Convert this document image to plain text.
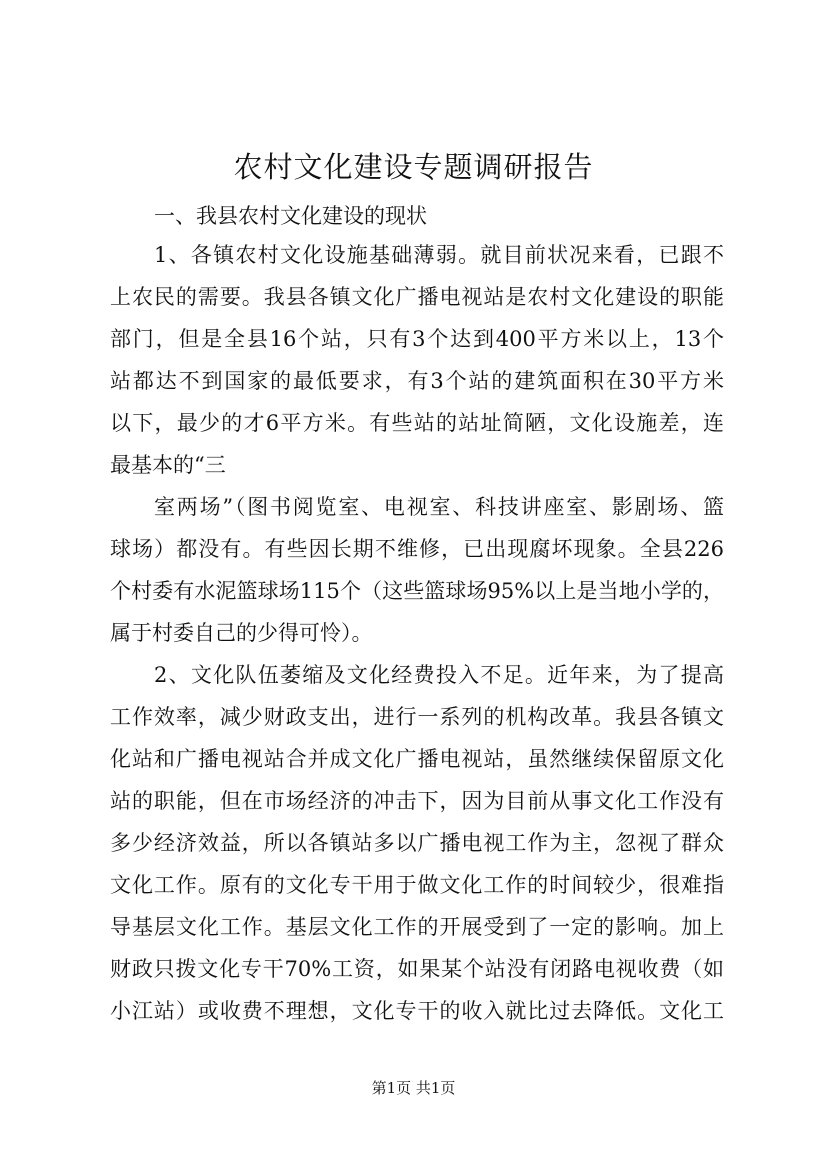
农村文化建设专题调研报告
一、我县农村文化建设的现状
1、各镇农村文化设施基础薄弱。就目前状况来看，已跟不
上农民的需要。我县各镇文化广播电视站是农村文化建设的职能
部门，但是全县16个站，只有3个达到400平方米以上，13个
站都达不到国家的最低要求，有3个站的建筑面积在30平方米
以下，最少的才6平方米。有些站的站址简陋，文化设施差，连
最基本的“三
室两场”（图书阅览室、电视室、科技讲座室、影剧场、篮
球场）都没有。有些因长期不维修，已出现腐坏现象。全县226
个村委有水泥篮球场115个（这些篮球场95%以上是当地小学的，
属于村委自己的少得可怜）。
2、文化队伍萎缩及文化经费投入不足。近年来，为了提高
工作效率，减少财政支出，进行一系列的机构改革。我县各镇文
化站和广播电视站合并成文化广播电视站，虽然继续保留原文化
站的职能，但在市场经济的冲击下，因为目前从事文化工作没有
多少经济效益，所以各镇站多以广播电视工作为主，忽视了群众
文化工作。原有的文化专干用于做文化工作的时间较少，很难指
导基层文化工作。基层文化工作的开展受到了一定的影响。加上
财政只拨文化专干70%工资，如果某个站没有闭路电视收费（如
小江站）或收费不理想，文化专干的收入就比过去降低。文化工
第1页 共1页
